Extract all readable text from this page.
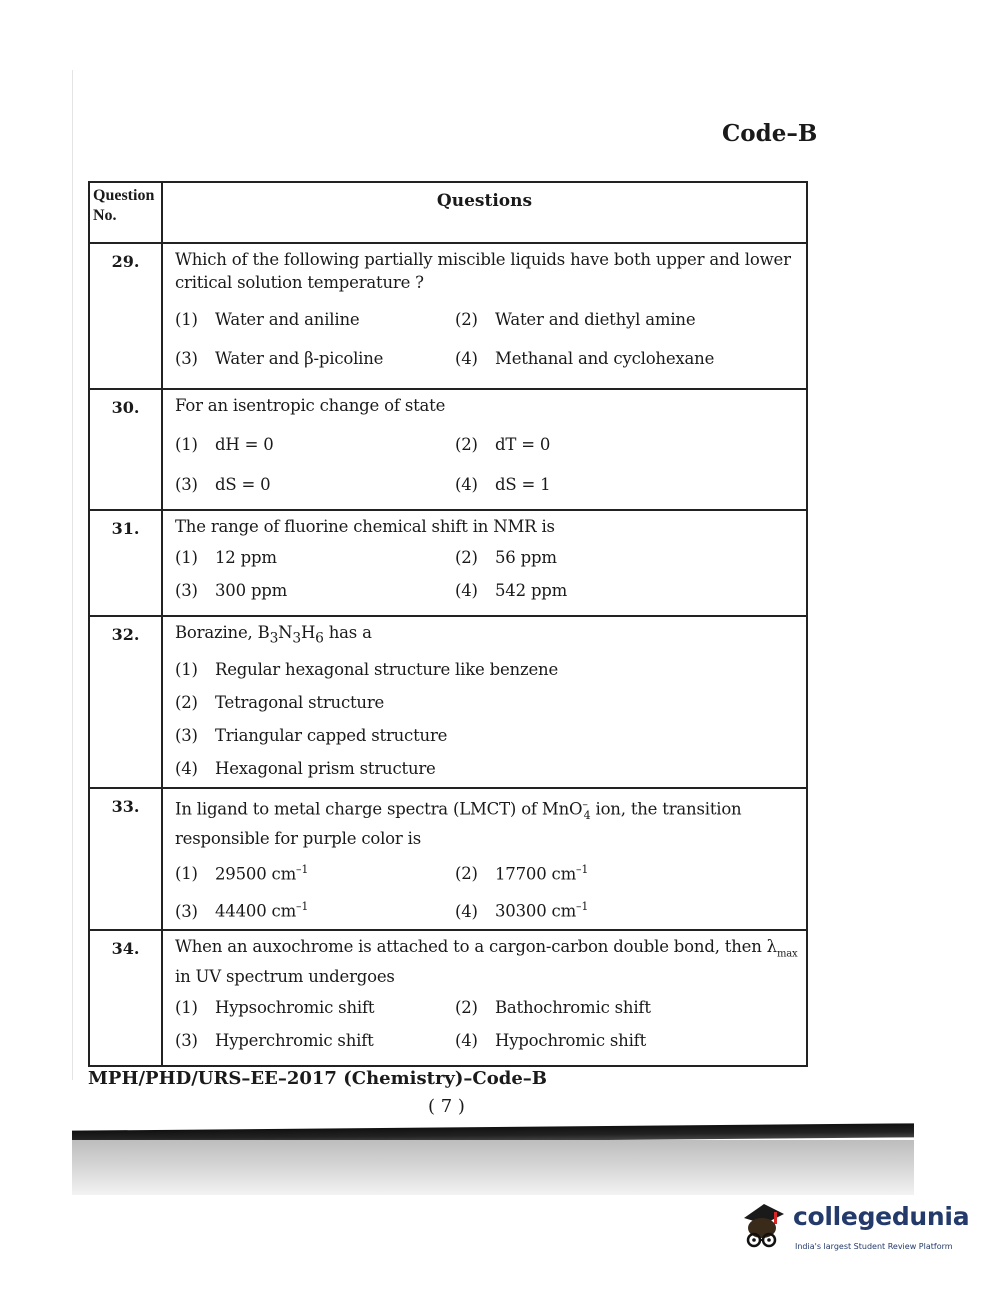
Code–B
Question No.	Questions
29.	Which of the following partially miscible liquids have both upper and lower critical solution temperature ?
(1) Water and aniline (2) Water and diethyl amine
(3) Water and β-picoline (4) Methanal and cyclohexane

30.	For an isentropic change of state
(1) dH = 0 (2) dT = 0
(3) dS = 0 (4) dS = 1

31.	The range of fluorine chemical shift in NMR is
(1) 12 ppm (2) 56 ppm
(3) 300 ppm (4) 542 ppm

32.	Borazine, $B_3N_3H_6$ has a
(1) Regular hexagonal structure like benzene
(2) Tetragonal structure
(3) Triangular capped structure
(4) Hexagonal prism structure

33.	In ligand to metal charge spectra (LMCT) of MnO–$_4$ ion, the transition responsible for purple color is
(1) 29500 $cm^{-1}$ (2) 17700 $cm^{-1}$
(3) 44400 $cm^{-1}$ (4) 30300 $cm^{-1}$

34.	When an auxochrome is attached to a cargon-carbon double bond, then $\lambda_{max}$ in UV spectrum undergoes
(1) Hypsochromic shift (2) Bathochromic shift
(3) Hyperchromic shift (4) Hypochromic shift
MPH/PHD/URS–EE–2017 (Chemistry)–Code–B
( 7 )
collegedunia
India's largest Student Review Platform
